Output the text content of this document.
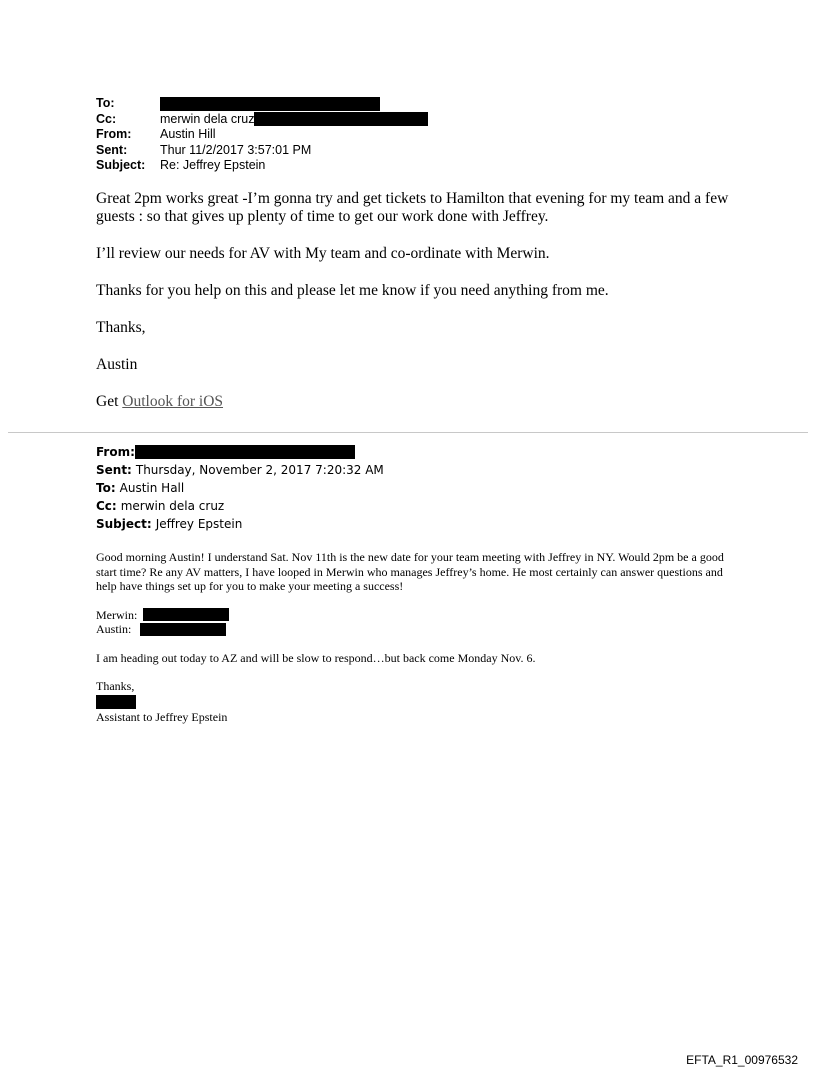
To:
Cc:	merwin dela cruz
From:	Austin Hill
Sent:	Thur 11/2/2017 3:57:01 PM
Subject:	Re: Jeffrey Epstein

Great 2pm works great -I’m gonna try and get tickets to Hamilton that evening for my team and a few guests : so that gives up plenty of time to get our work done with Jeffrey.

I’ll review our needs for AV with My team and co-ordinate with Merwin.

Thanks for you help on this and please let me know if you need anything from me.

Thanks,

Austin

Get Outlook for iOS

From:
Sent: Thursday, November 2, 2017 7:20:32 AM
To: Austin Hall
Cc: merwin dela cruz
Subject: Jeffrey Epstein

Good morning Austin! I understand Sat. Nov 11th is the new date for your team meeting with Jeffrey in NY. Would 2pm be a good start time? Re any AV matters, I have looped in Merwin who manages Jeffrey’s home. He most certainly can answer questions and help have things set up for you to make your meeting a success!

Merwin:
Austin:

I am heading out today to AZ and will be slow to respond…but back come Monday Nov. 6.

Thanks,
Assistant to Jeffrey Epstein
EFTA_R1_00976532
